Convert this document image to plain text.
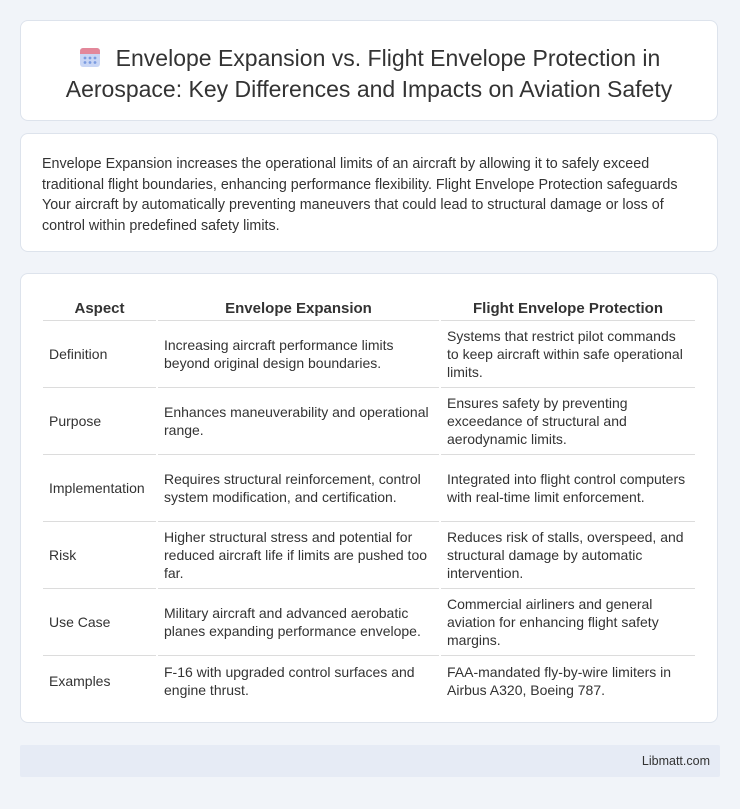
Envelope Expansion vs. Flight Envelope Protection in Aerospace: Key Differences and Impacts on Aviation Safety

Envelope Expansion increases the operational limits of an aircraft by allowing it to safely exceed traditional flight boundaries, enhancing performance flexibility. Flight Envelope Protection safeguards Your aircraft by automatically preventing maneuvers that could lead to structural damage or loss of control within predefined safety limits.

Aspect	Envelope Expansion	Flight Envelope Protection
Definition	Increasing aircraft performance limits beyond original design boundaries.	Systems that restrict pilot commands to keep aircraft within safe operational limits.
Purpose	Enhances maneuverability and operational range.	Ensures safety by preventing exceedance of structural and aerodynamic limits.
Implementation	Requires structural reinforcement, control system modification, and certification.	Integrated into flight control computers with real-time limit enforcement.
Risk	Higher structural stress and potential for reduced aircraft life if limits are pushed too far.	Reduces risk of stalls, overspeed, and structural damage by automatic intervention.
Use Case	Military aircraft and advanced aerobatic planes expanding performance envelope.	Commercial airliners and general aviation for enhancing flight safety margins.
Examples	F-16 with upgraded control surfaces and engine thrust.	FAA-mandated fly-by-wire limiters in Airbus A320, Boeing 787.
Libmatt.com
